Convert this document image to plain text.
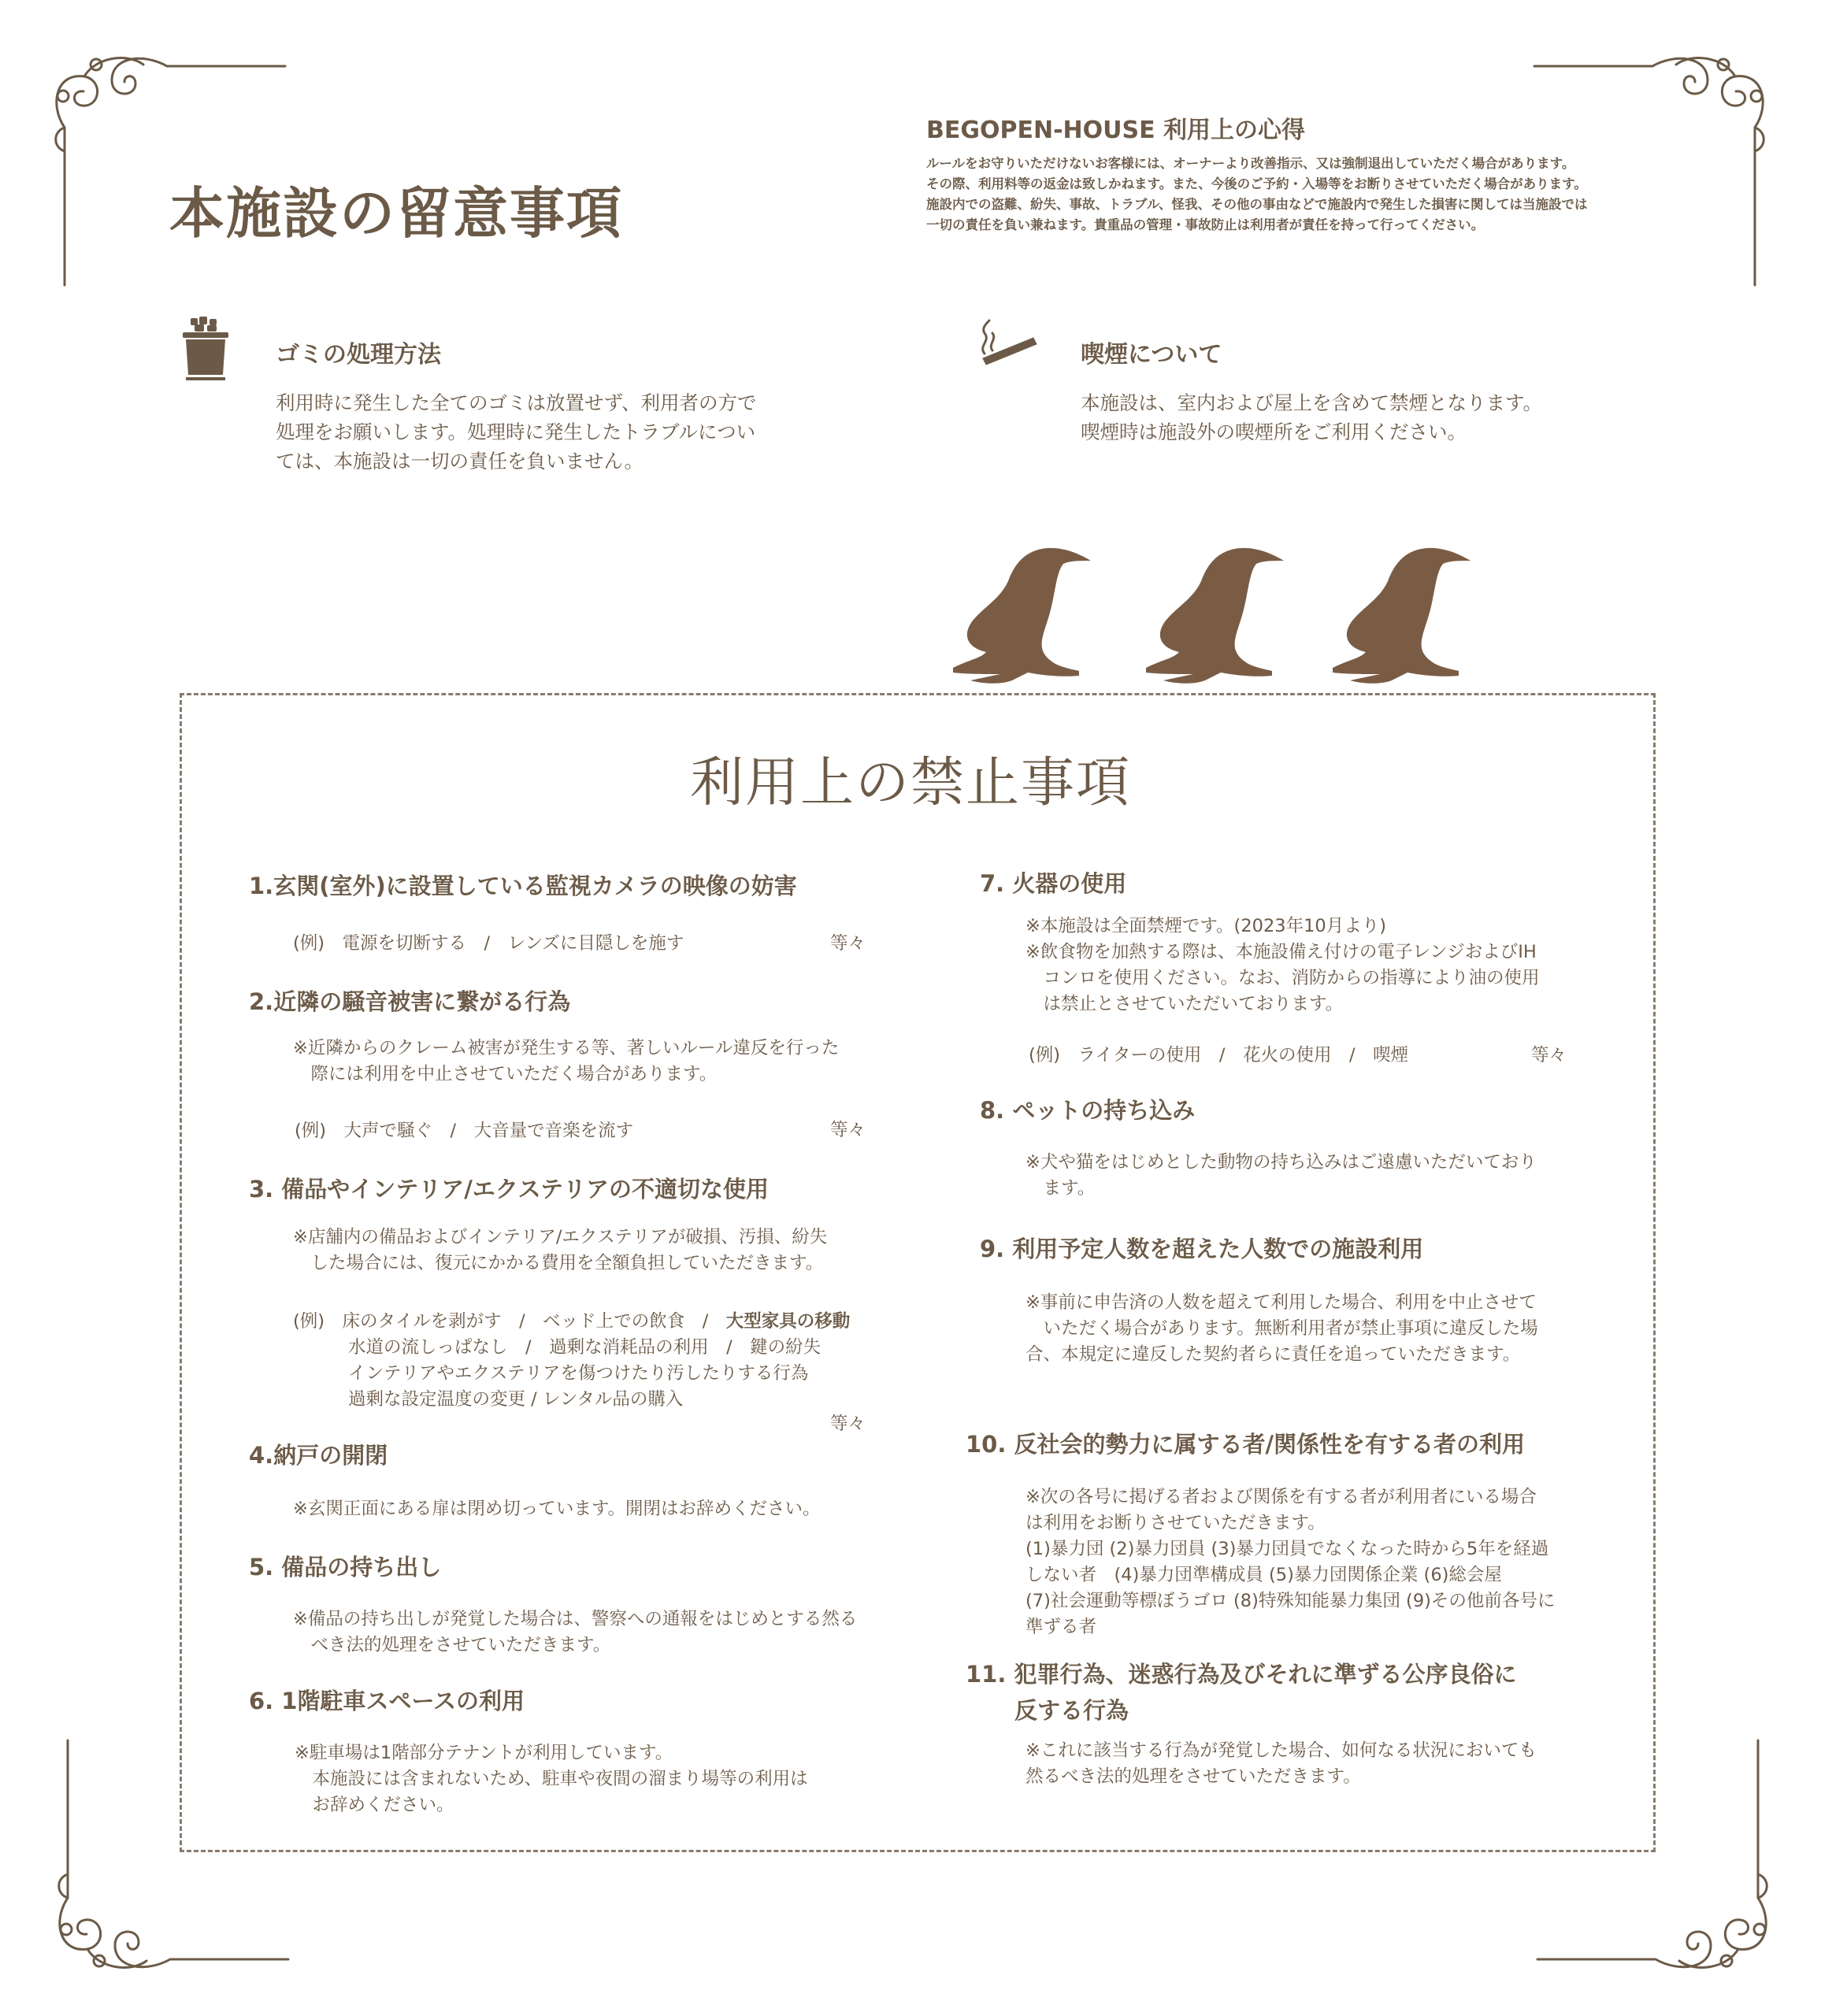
本施設の留意事項
BEGOPEN-HOUSE 利用上の心得
ルールをお守りいただけないお客様には、オーナーより改善指示、又は強制退出していただく場合があります。
その際、利用料等の返金は致しかねます。また、今後のご予約・入場等をお断りさせていただく場合があります。
施設内での盗難、紛失、事故、トラブル、怪我、その他の事由などで施設内で発生した損害に関しては当施設では
一切の責任を負い兼ねます。貴重品の管理・事故防止は利用者が責任を持って行ってください。
ゴミの処理方法
利用時に発生した全てのゴミは放置せず、利用者の方で
処理をお願いします。処理時に発生したトラブルについ
ては、本施設は一切の責任を負いません。
喫煙について
本施設は、室内および屋上を含めて禁煙となります。
喫煙時は施設外の喫煙所をご利用ください。
利用上の禁止事項
1.玄関(室外)に設置している監視カメラの映像の妨害
(例)　電源を切断する　/　レンズに目隠しを施す	等々
2.近隣の騒音被害に繋がる行為
※近隣からのクレーム被害が発生する等、著しいルール違反を行った
　際には利用を中止させていただく場合があります。
(例)　大声で騒ぐ　/　大音量で音楽を流す	等々
3. 備品やインテリア/エクステリアの不適切な使用
※店舗内の備品およびインテリア/エクステリアが破損、汚損、紛失
　した場合には、復元にかかる費用を全額負担していただきます。
(例)　床のタイルを剥がす　/　ベッド上での飲食　/　大型家具の移動
水道の流しっぱなし　/　過剰な消耗品の利用　/　鍵の紛失
インテリアやエクステリアを傷つけたり汚したりする行為
過剰な設定温度の変更 / レンタル品の購入
等々
4.納戸の開閉
※玄関正面にある扉は閉め切っています。開閉はお辞めください。
5. 備品の持ち出し
※備品の持ち出しが発覚した場合は、警察への通報をはじめとする然る
　べき法的処理をさせていただきます。
6. 1階駐車スペースの利用
※駐車場は1階部分テナントが利用しています。
　本施設には含まれないため、駐車や夜間の溜まり場等の利用は
　お辞めください。
7. 火器の使用
※本施設は全面禁煙です。(2023年10月より)
※飲食物を加熱する際は、本施設備え付けの電子レンジおよびIH
　コンロを使用ください。なお、消防からの指導により油の使用
　は禁止とさせていただいております。
(例)　ライターの使用　/　花火の使用　/　喫煙	等々
8. ペットの持ち込み
※犬や猫をはじめとした動物の持ち込みはご遠慮いただいており
　ます。
9. 利用予定人数を超えた人数での施設利用
※事前に申告済の人数を超えて利用した場合、利用を中止させて
　いただく場合があります。無断利用者が禁止事項に違反した場
合、本規定に違反した契約者らに責任を追っていただきます。
10. 反社会的勢力に属する者/関係性を有する者の利用
※次の各号に掲げる者および関係を有する者が利用者にいる場合
は利用をお断りさせていただきます。
(1)暴力団 (2)暴力団員 (3)暴力団員でなくなった時から5年を経過
しない者　(4)暴力団準構成員 (5)暴力団関係企業 (6)総会屋
(7)社会運動等標ぼうゴロ (8)特殊知能暴力集団 (9)その他前各号に
準ずる者
11. 犯罪行為、迷惑行為及びそれに準ずる公序良俗に
反する行為
※これに該当する行為が発覚した場合、如何なる状況においても
然るべき法的処理をさせていただきます。
